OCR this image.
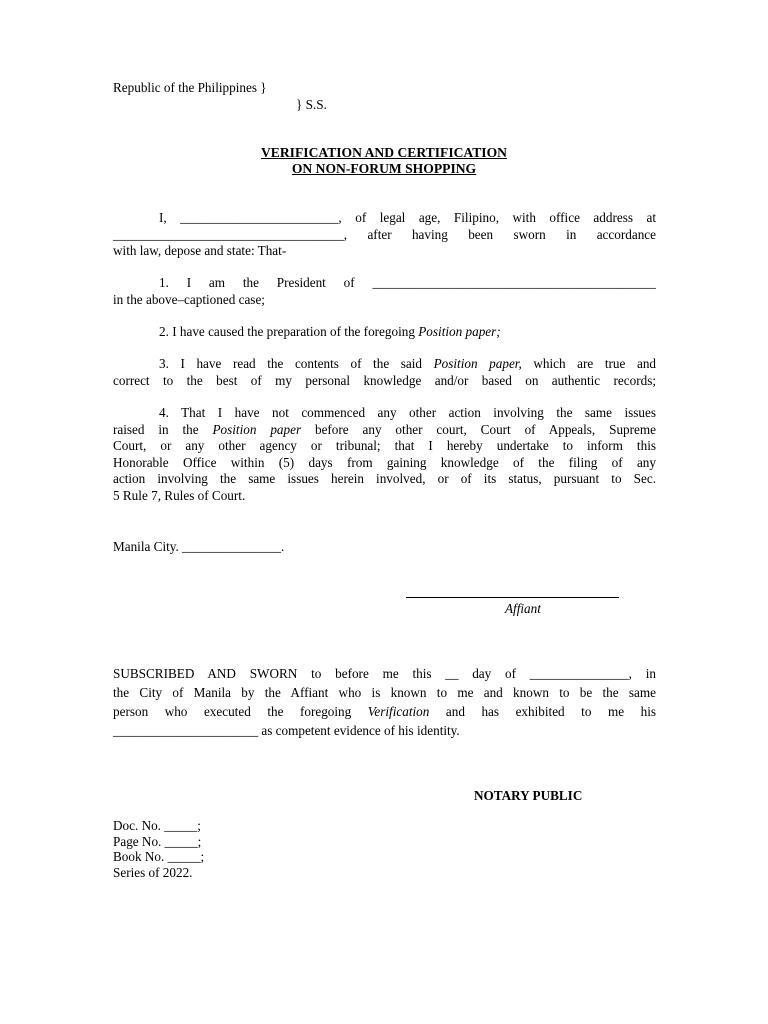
Republic of the Philippines }
} S.S.
VERIFICATION AND CERTIFICATION
ON NON-FORUM SHOPPING
I, ________________________, of legal age, Filipino, with office address at
___________________________________, after having been sworn in accordance
with law, depose and state: That-
1. I am the President of ___________________________________________
in the above–captioned case;
2. I have caused the preparation of the foregoing Position paper;
3. I have read the contents of the said Position paper, which are true and
correct to the best of my personal knowledge and/or based on authentic records;
4. That I have not commenced any other action involving the same issues
raised in the Position paper before any other court, Court of Appeals, Supreme
Court, or any other agency or tribunal; that I hereby undertake to inform this
Honorable Office within (5) days from gaining knowledge of the filing of any
action involving the same issues herein involved, or of its status, pursuant to Sec.
5 Rule 7, Rules of Court.
Manila City. _______________.
Affiant
SUBSCRIBED AND SWORN to before me this __ day of _______________, in
the City of Manila by the Affiant who is known to me and known to be the same
person who executed the foregoing Verification and has exhibited to me his
______________________ as competent evidence of his identity.
NOTARY PUBLIC
Doc. No. _____;
Page No. _____;
Book No. _____;
Series of 2022.
